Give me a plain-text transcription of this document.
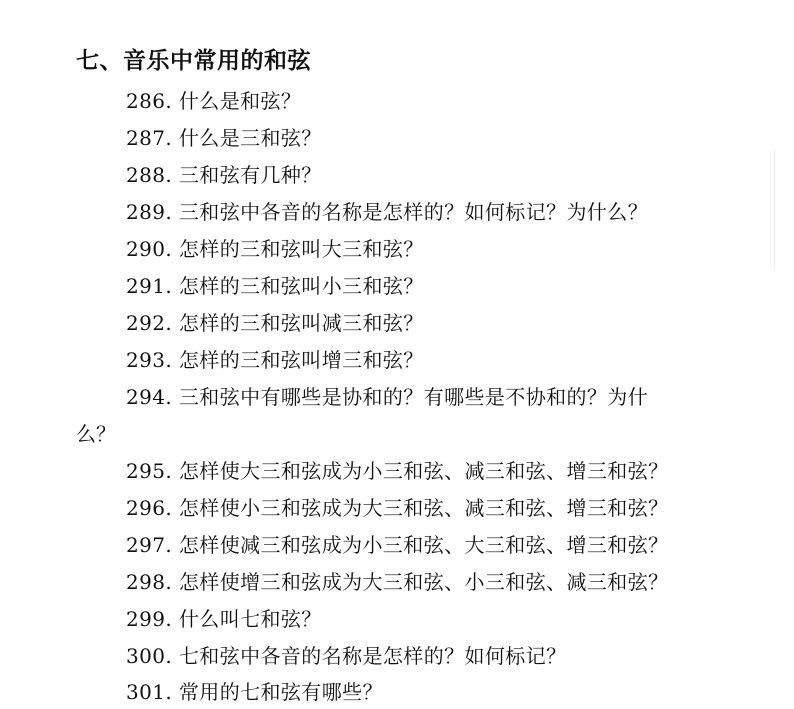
七、音乐中常用的和弦
286. 什么是和弦？
287. 什么是三和弦？
288. 三和弦有几种？
289. 三和弦中各音的名称是怎样的？如何标记？为什么？
290. 怎样的三和弦叫大三和弦？
291. 怎样的三和弦叫小三和弦？
292. 怎样的三和弦叫减三和弦？
293. 怎样的三和弦叫增三和弦？
294. 三和弦中有哪些是协和的？有哪些是不协和的？为什
么？
295. 怎样使大三和弦成为小三和弦、减三和弦、增三和弦？
296. 怎样使小三和弦成为大三和弦、减三和弦、增三和弦？
297. 怎样使减三和弦成为小三和弦、大三和弦、增三和弦？
298. 怎样使增三和弦成为大三和弦、小三和弦、减三和弦？
299. 什么叫七和弦？
300. 七和弦中各音的名称是怎样的？如何标记？
301. 常用的七和弦有哪些？
